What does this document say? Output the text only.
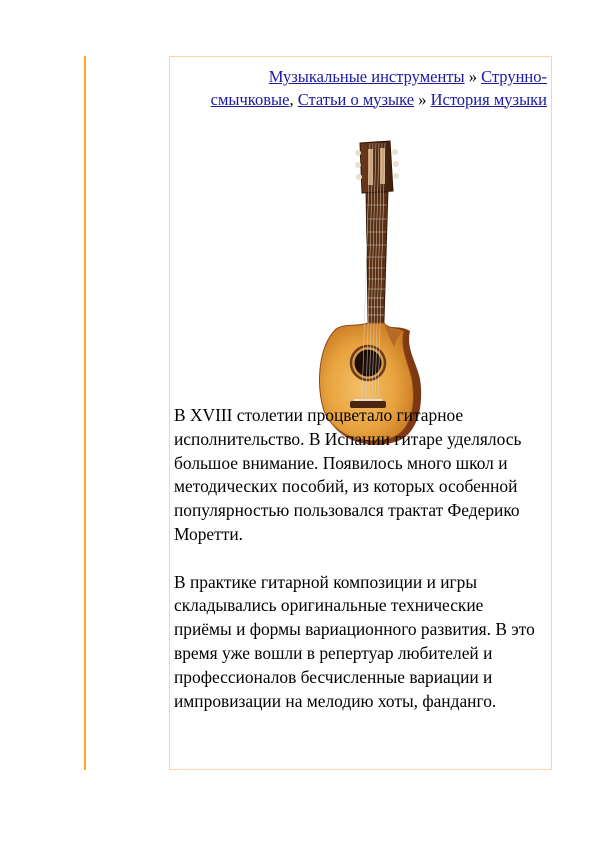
Музыкальные инструменты » Струнно-смычковые, Статьи о музыке » История музыки

В XVIII столетии процветало гитарное исполнительство. В Испании гитаре уделялось большое внимание. Появилось много школ и методических пособий, из которых особенной популярностью пользовался трактат Федерико Моретти.

В практике гитарной композиции и игры складывались оригинальные технические приёмы и формы вариационного развития. В это время уже вошли в репертуар любителей и профессионалов бесчисленные вариации и импровизации на мелодию хоты, фанданго.
